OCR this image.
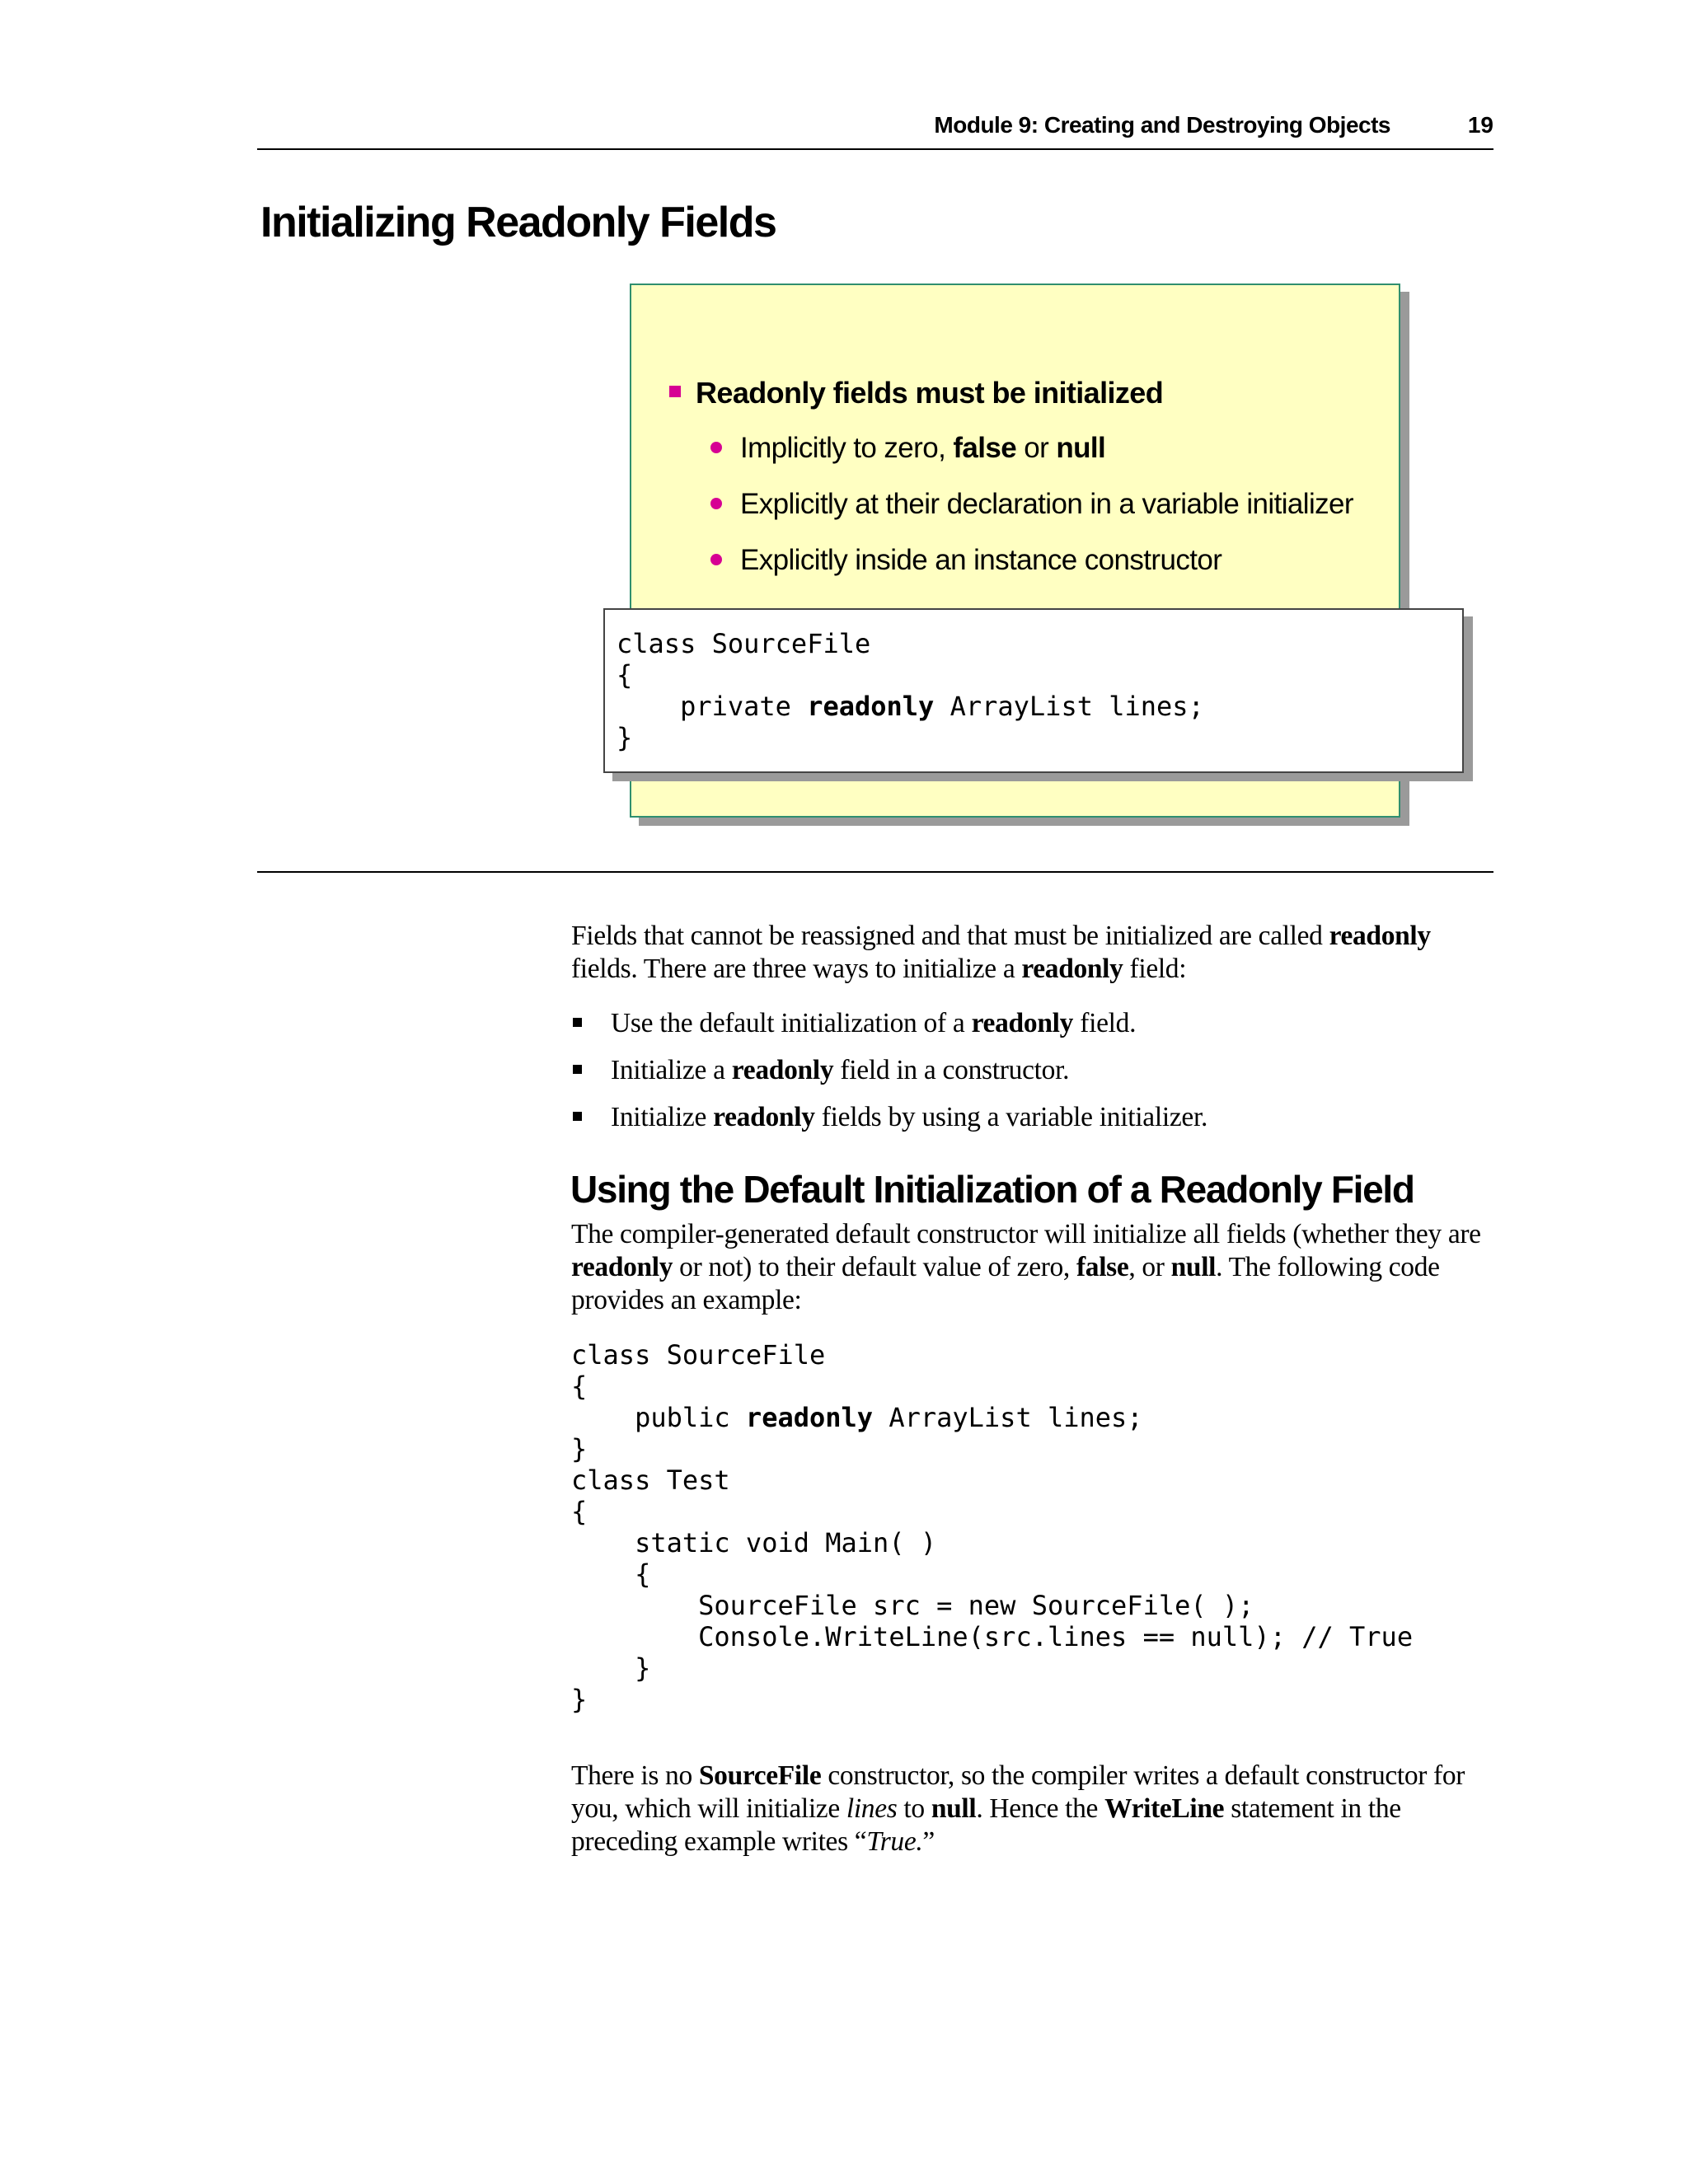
Module 9: Creating and Destroying Objects	19
Initializing Readonly Fields
Readonly fields must be initialized
Implicitly to zero, false or null
Explicitly at their declaration in a variable initializer
Explicitly inside an instance constructor
class SourceFile
{
private readonly ArrayList lines;
}

Fields that cannot be reassigned and that must be initialized are called readonly fields. There are three ways to initialize a readonly field:

Use the default initialization of a readonly field.
Initialize a readonly field in a constructor.
Initialize readonly fields by using a variable initializer.
Using the Default Initialization of a Readonly Field

The compiler-generated default constructor will initialize all fields (whether they are readonly or not) to their default value of zero, false, or null. The following code provides an example:

class SourceFile
{
public readonly ArrayList lines;
}
class Test
{
static void Main( )
{
SourceFile src = new SourceFile( );
Console.WriteLine(src.lines == null); // True
}
}

There is no SourceFile constructor, so the compiler writes a default constructor for you, which will initialize lines to null. Hence the WriteLine statement in the preceding example writes “True.”
